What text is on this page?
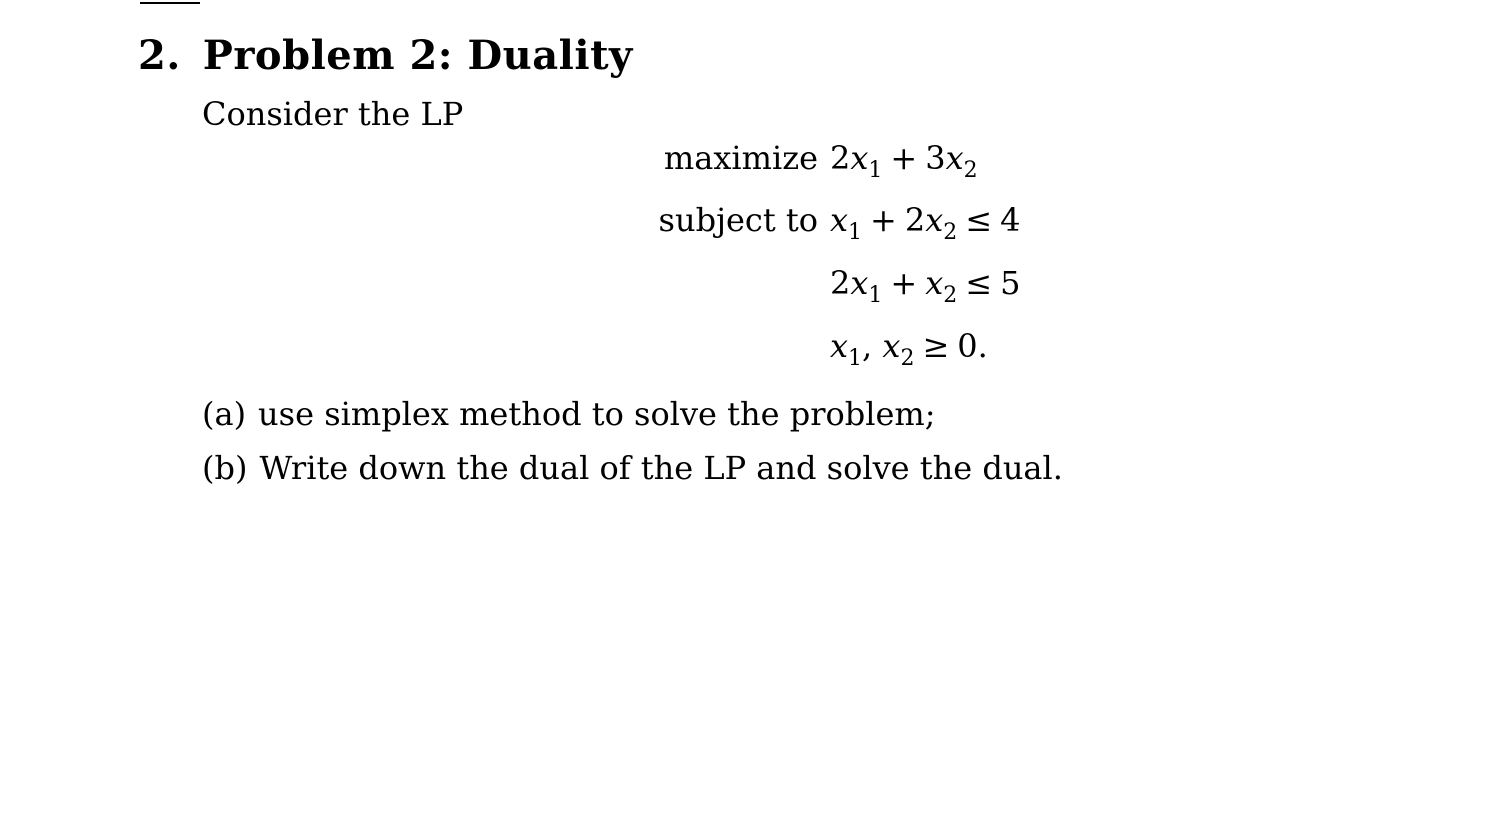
2. Problem 2: Duality
Consider the LP
maximize $2x_1 + 3x_2$
subject to $x_1 + 2x_2 \le 4$
$2x_1 + x_2 \le 5$
$x_1$, $x_2 \ge 0$.
(a) use simplex method to solve the problem;
(b) Write down the dual of the LP and solve the dual.
